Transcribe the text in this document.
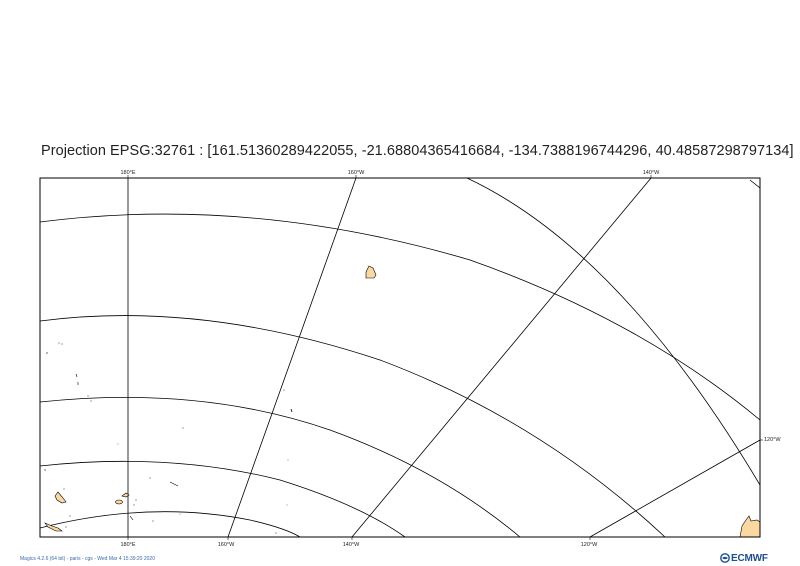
Projection EPSG:32761 : [161.51360289422055, -21.68804365416684, -134.7388196744296, 40.48587298797134]
180°E	160°W	140°W
180°E	160°W	140°W	120°W
120°W
Magics 4.2.6 (64 bit) - paris - cgs - Wed Mar 4 15:39:20 2020	ECMWF
